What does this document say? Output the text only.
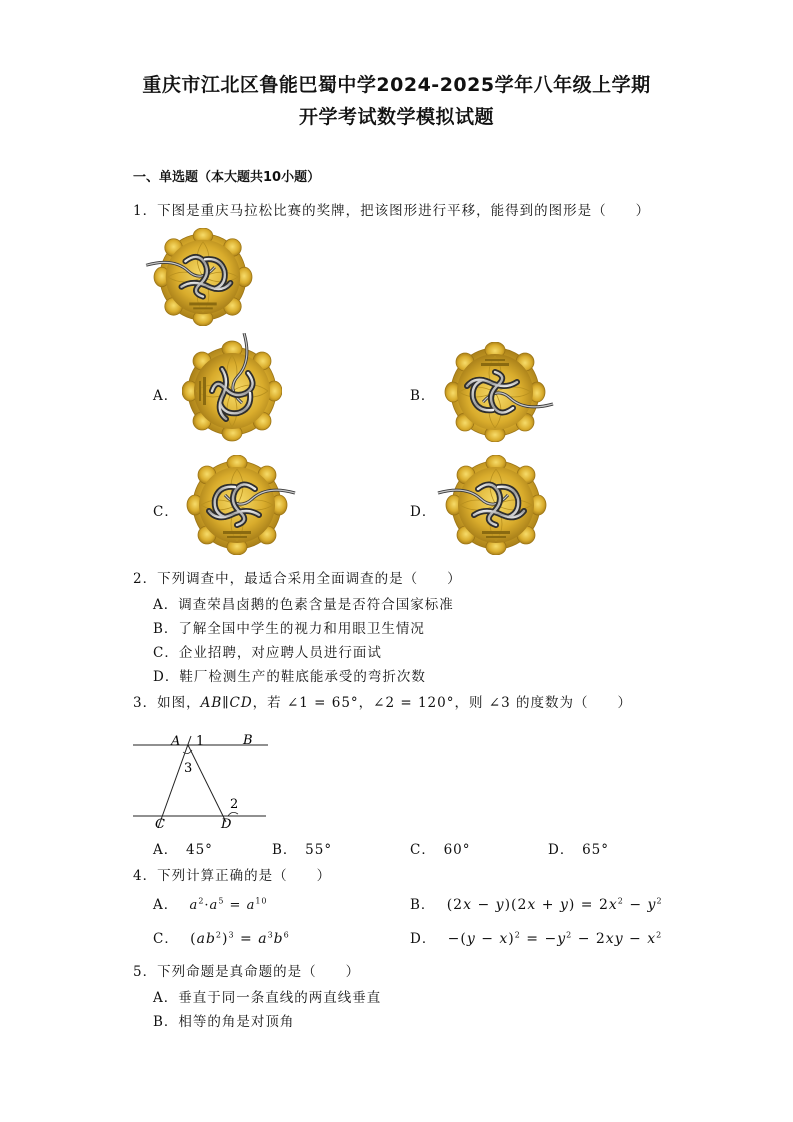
重庆市江北区鲁能巴蜀中学2024-2025学年八年级上学期
开学考试数学模拟试题
一、单选题（本大题共10小题）
1．下图是重庆马拉松比赛的奖牌，把该图形进行平移，能得到的图形是（　　）
A．	B．
C．	D．
2．下列调查中，最适合采用全面调查的是（　　）
A．调查荣昌卤鹅的色素含量是否符合国家标准
B．了解全国中学生的视力和用眼卫生情况
C．企业招聘，对应聘人员进行面试
D．鞋厂检测生产的鞋底能承受的弯折次数
3．如图，AB∥CD，若 ∠1 = 65°，∠2 = 120°，则 ∠3 的度数为（　　）
A 1	B
3
2
C	D
A．　45°	B．　55°	C．　60°	D．　65°
4．下列计算正确的是（　　）
A． $a^2\cdot a^5 = a^{10}$	B． $(2x - y)(2x + y) = 2x^2 - y^2$
C． $(ab^2)^3 = a^3b^6$	D． $-(y - x)^2 = -y^2 - 2xy - x^2$
5．下列命题是真命题的是（　　）
A．垂直于同一条直线的两直线垂直
B．相等的角是对顶角
